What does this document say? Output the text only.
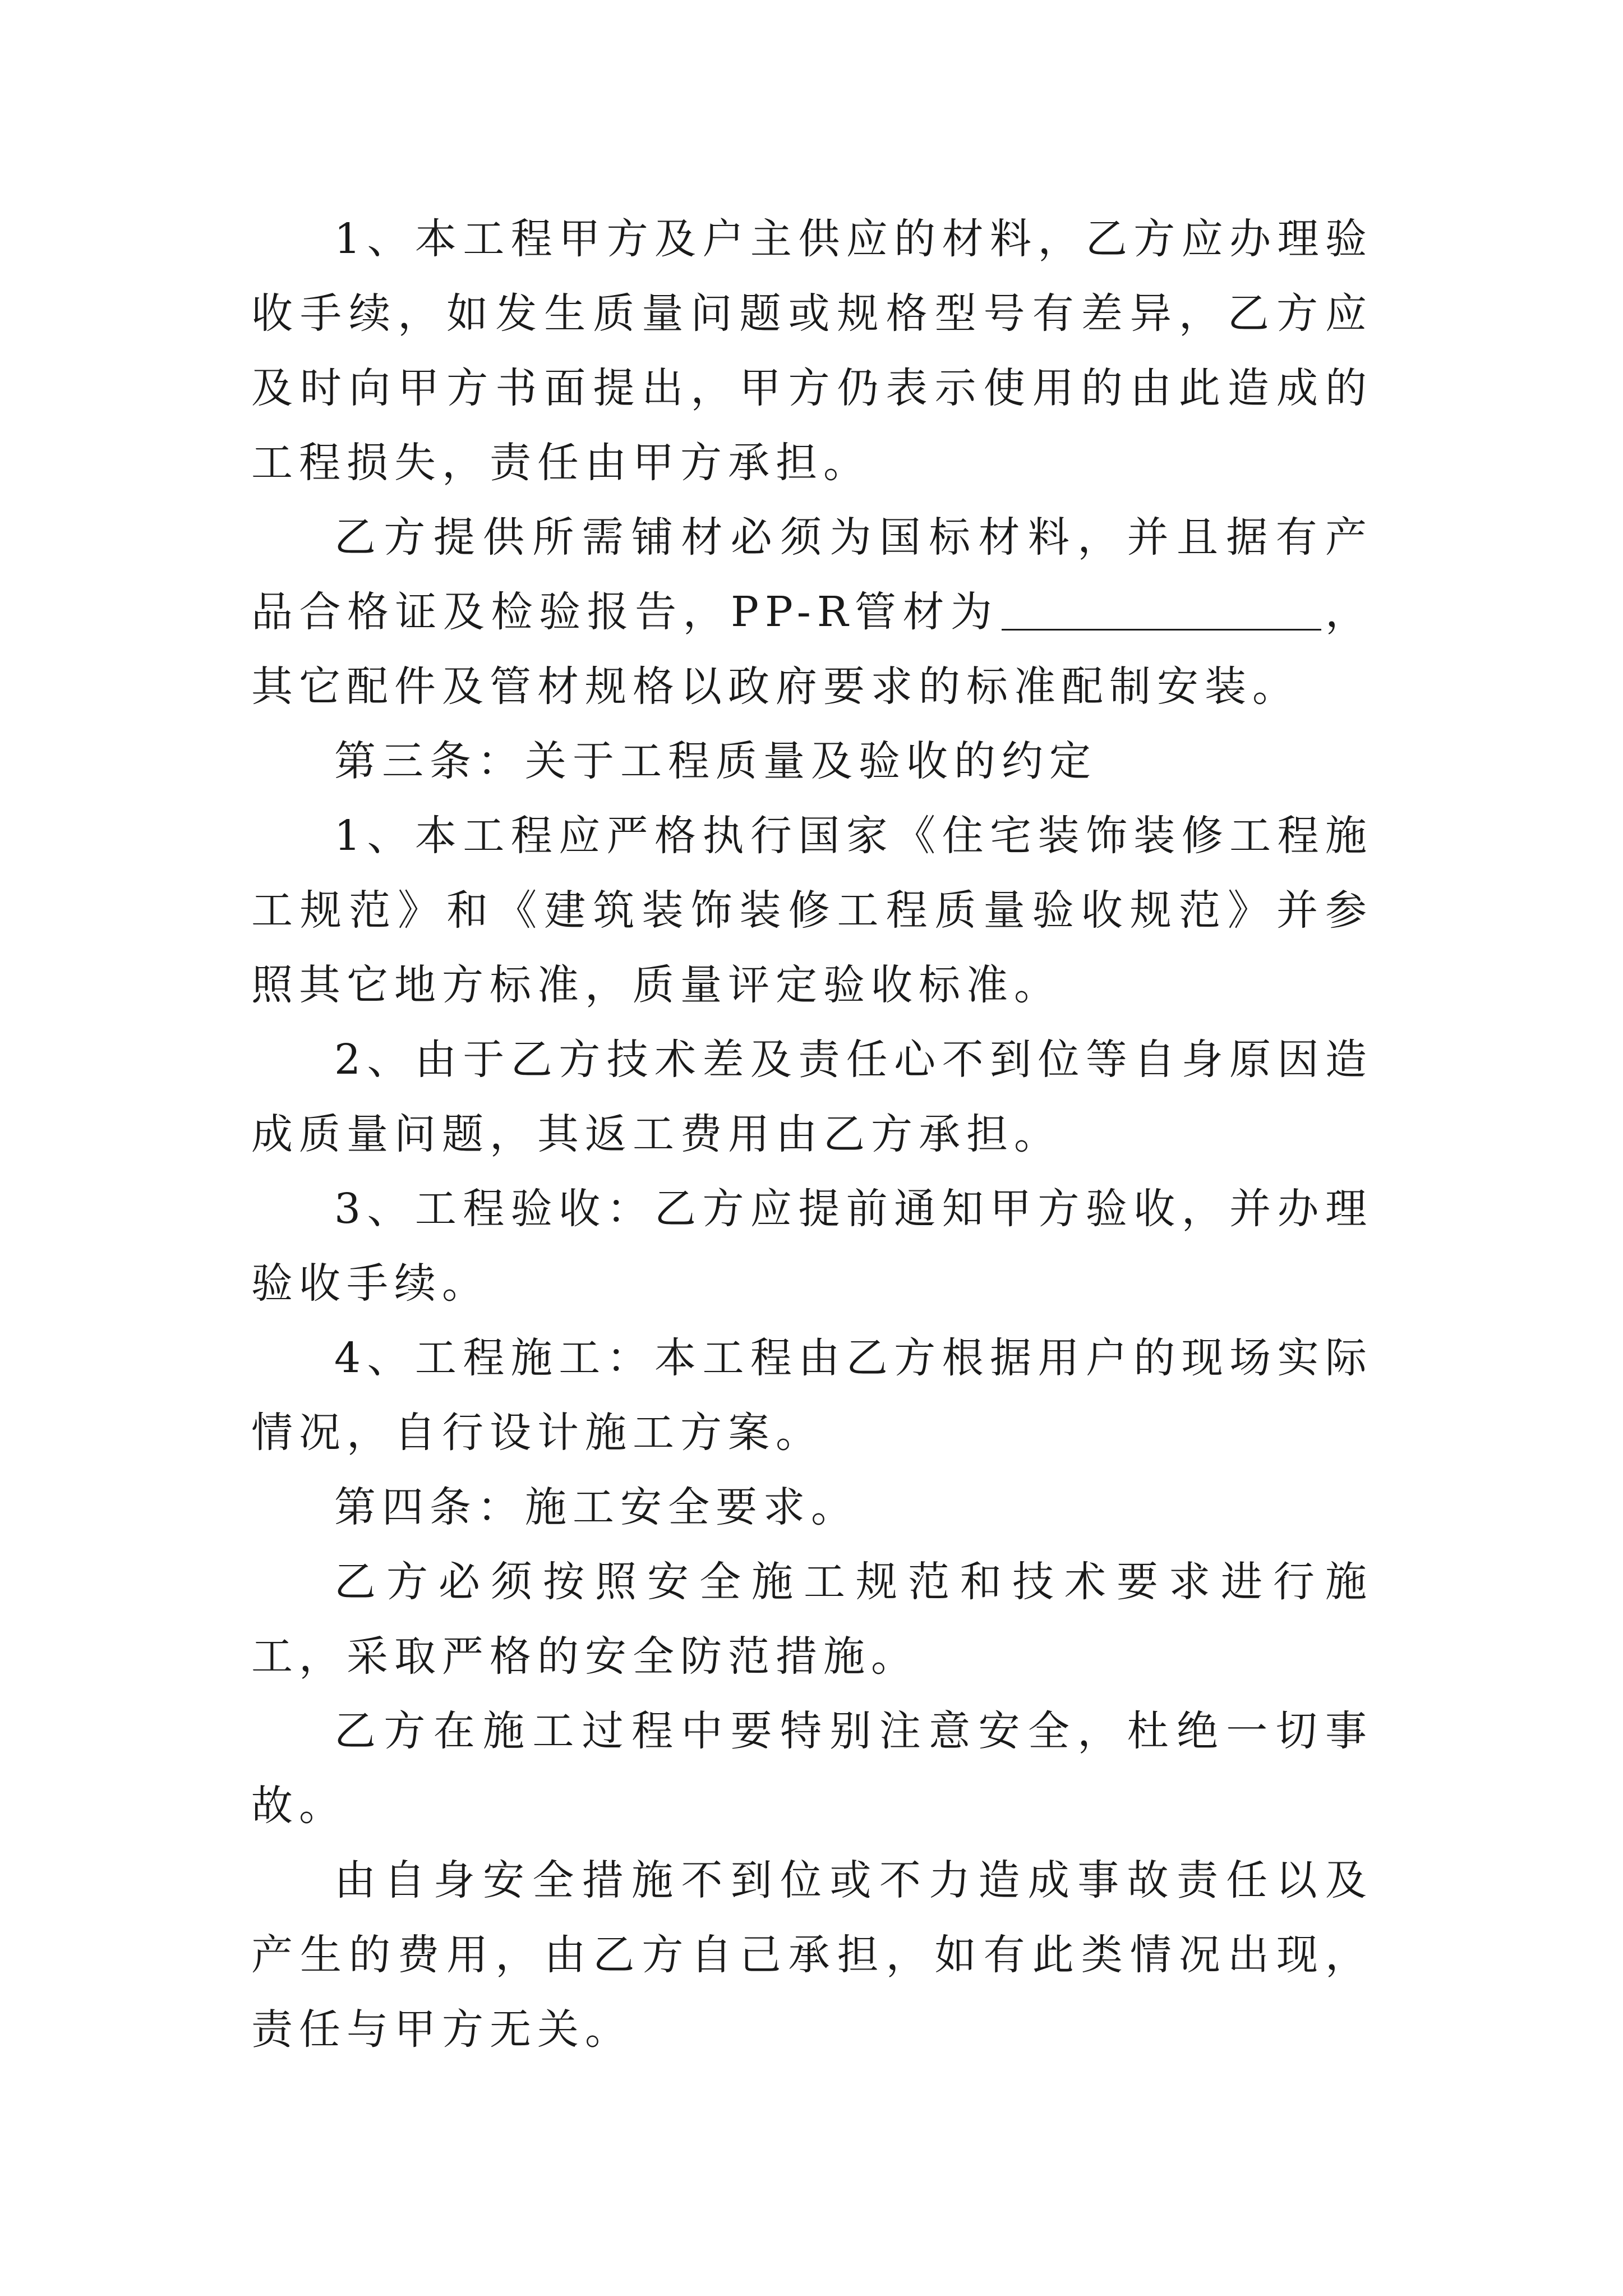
1、本工程甲方及户主供应的材料，乙方应办理验收手续，如发生质量问题或规格型号有差异，乙方应及时向甲方书面提出，甲方仍表示使用的由此造成的工程损失，责任由甲方承担。

乙方提供所需铺材必须为国标材料，并且据有产品合格证及检验报告，PP-R管材为	，其它配件及管材规格以政府要求的标准配制安装。

第三条：关于工程质量及验收的约定

1、本工程应严格执行国家《住宅装饰装修工程施工规范》和《建筑装饰装修工程质量验收规范》并参照其它地方标准，质量评定验收标准。

2、由于乙方技术差及责任心不到位等自身原因造成质量问题，其返工费用由乙方承担。

3、工程验收：乙方应提前通知甲方验收，并办理验收手续。

4、工程施工：本工程由乙方根据用户的现场实际情况，自行设计施工方案。

第四条：施工安全要求。

乙方必须按照安全施工规范和技术要求进行施工，采取严格的安全防范措施。

乙方在施工过程中要特别注意安全，杜绝一切事故。

由自身安全措施不到位或不力造成事故责任以及产生的费用，由乙方自己承担，如有此类情况出现，责任与甲方无关。
